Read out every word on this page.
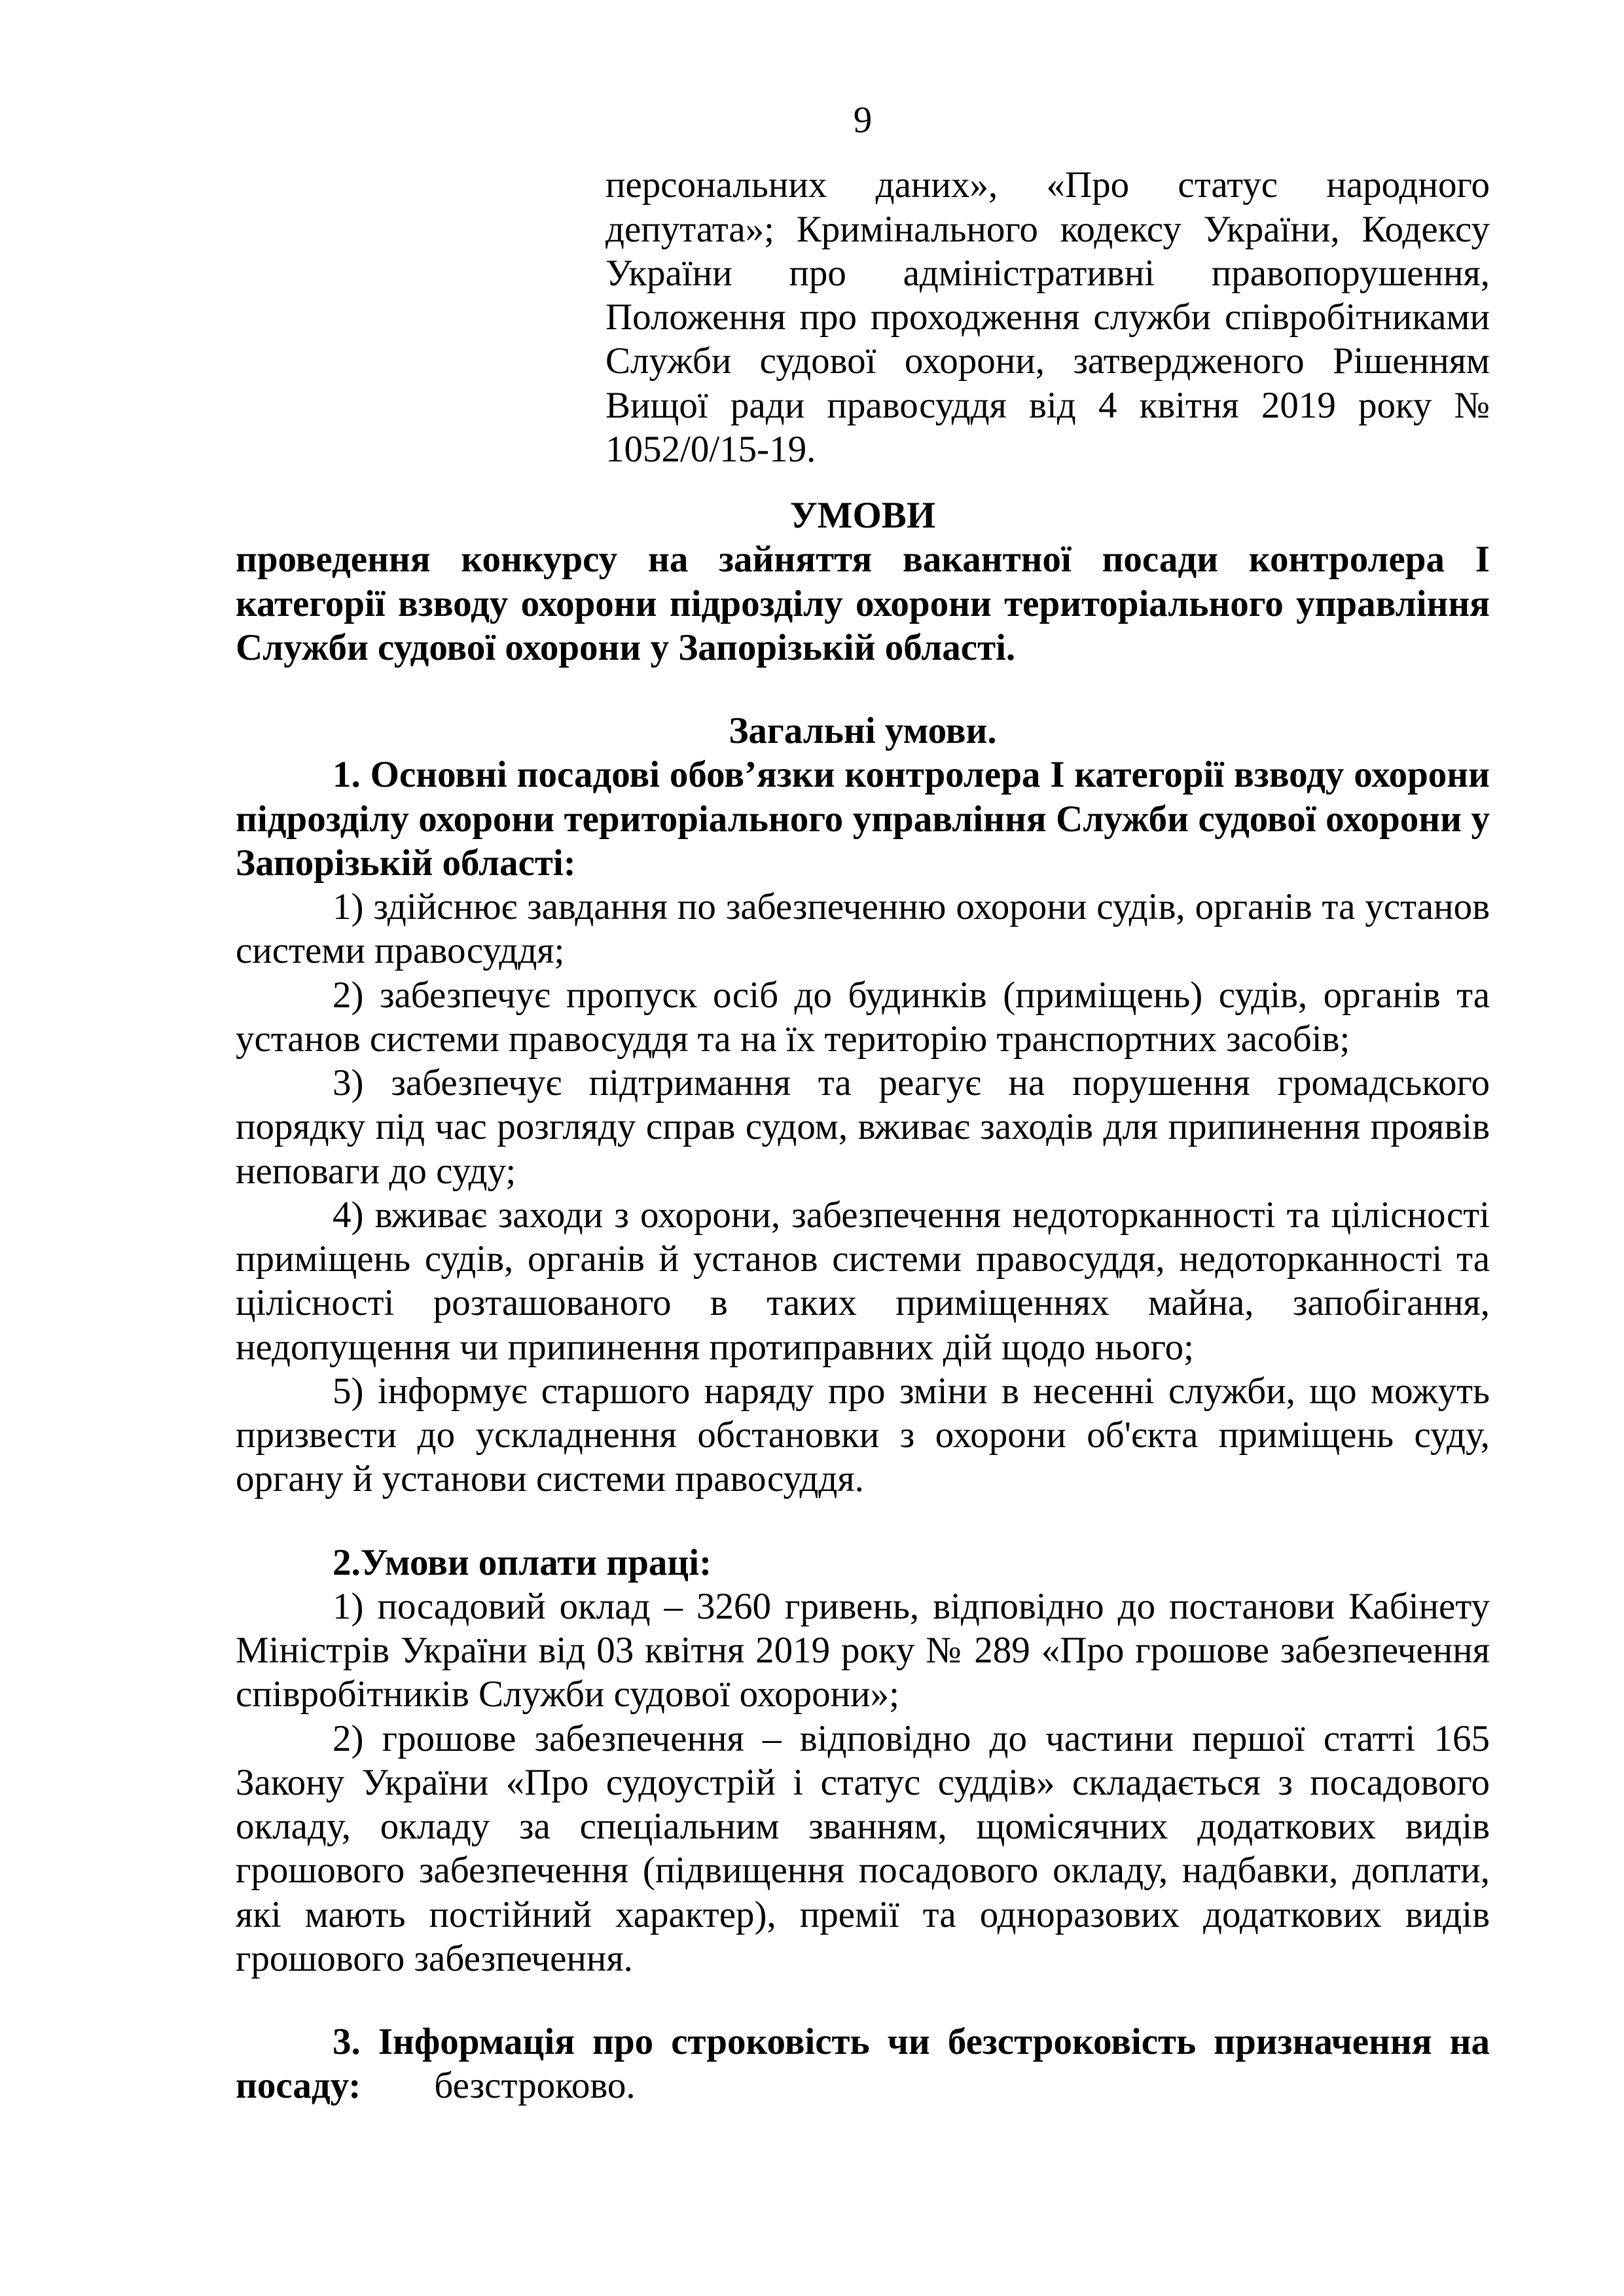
9

персональних даних», «Про статус народного депутата»; Кримінального кодексу України, Кодексу України про адміністративні правопорушення, Положення про проходження служби співробітниками Служби судової охорони, затвердженого Рішенням Вищої ради правосуддя від 4 квітня 2019 року № 1052/0/15-19.

УМОВИ

проведення конкурсу на зайняття вакантної посади контролера І категорії взводу охорони підрозділу охорони територіального управління Служби судової охорони у Запорізькій області.

Загальні умови.

1. Основні посадові обов’язки контролера І категорії взводу охорони підрозділу охорони територіального управління Служби судової охорони у Запорізькій області:

1) здійснює завдання по забезпеченню охорони судів, органів та установ системи правосуддя;

2) забезпечує пропуск осіб до будинків (приміщень) судів, органів та установ системи правосуддя та на їх територію транспортних засобів;

3) забезпечує підтримання та реагує на порушення громадського порядку під час розгляду справ судом, вживає заходів для припинення проявів неповаги до суду;

4) вживає заходи з охорони, забезпечення недоторканності та цілісності приміщень судів, органів й установ системи правосуддя, недоторканності та цілісності розташованого в таких приміщеннях майна, запобігання, недопущення чи припинення протиправних дій щодо нього;

5) інформує старшого наряду про зміни в несенні служби, що можуть призвести до ускладнення обстановки з охорони об'єкта приміщень суду, органу й установи системи правосуддя.

2.Умови оплати праці:

1) посадовий оклад – 3260 гривень, відповідно до постанови Кабінету Міністрів України від 03 квітня 2019 року № 289 «Про грошове забезпечення співробітників Служби судової охорони»;

2) грошове забезпечення – відповідно до частини першої статті 165 Закону України «Про судоустрій і статус суддів» складається з посадового окладу, окладу за спеціальним званням, щомісячних додаткових видів грошового забезпечення (підвищення посадового окладу, надбавки, доплати, які мають постійний характер), премії та одноразових додаткових видів грошового забезпечення.

3. Інформація про строковість чи безстроковість призначення на посаду: безстроково.
